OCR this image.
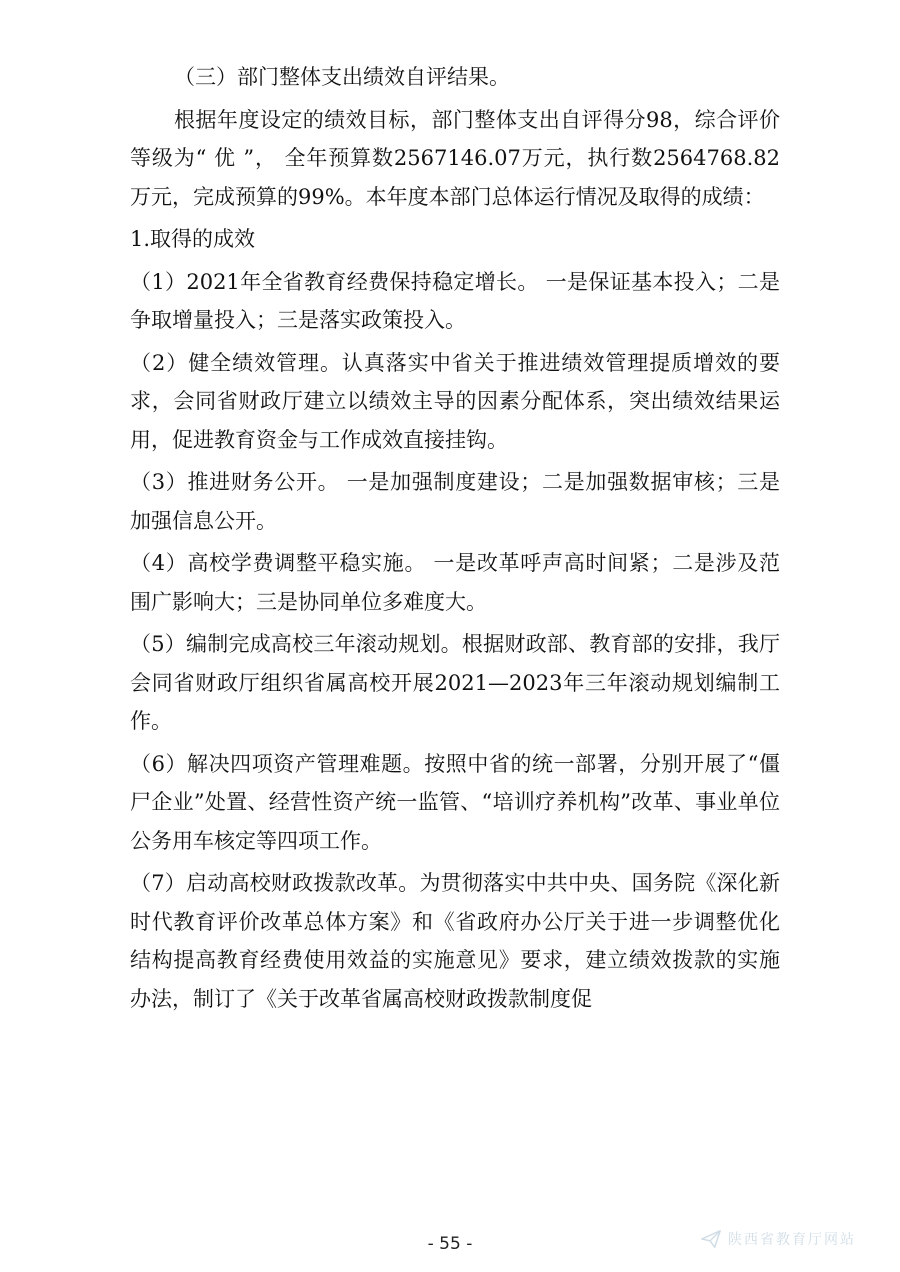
（三）部门整体支出绩效自评结果。

根据年度设定的绩效目标，部门整体支出自评得分98，综合评价等级为“ 优 ”， 全年预算数2567146.07万元，执行数2564768.82万元，完成预算的99%。本年度本部门总体运行情况及取得的成绩：

1.取得的成效

（1）2021年全省教育经费保持稳定增长。 一是保证基本投入；二是争取增量投入；三是落实政策投入。

（2）健全绩效管理。认真落实中省关于推进绩效管理提质增效的要求，会同省财政厅建立以绩效主导的因素分配体系，突出绩效结果运用，促进教育资金与工作成效直接挂钩。

（3）推进财务公开。 一是加强制度建设；二是加强数据审核；三是加强信息公开。

（4）高校学费调整平稳实施。 一是改革呼声高时间紧；二是涉及范围广影响大；三是协同单位多难度大。

（5）编制完成高校三年滚动规划。根据财政部、教育部的安排，我厅会同省财政厅组织省属高校开展2021—2023年三年滚动规划编制工作。

（6）解决四项资产管理难题。按照中省的统一部署，分别开展了“僵尸企业”处置、经营性资产统一监管、“培训疗养机构”改革、事业单位公务用车核定等四项工作。

（7）启动高校财政拨款改革。为贯彻落实中共中央、国务院《深化新时代教育评价改革总体方案》和《省政府办公厅关于进一步调整优化结构提高教育经费使用效益的实施意见》要求，建立绩效拨款的实施办法，制订了《关于改革省属高校财政拨款制度促

- 55 -	陕西省教育厅网站
